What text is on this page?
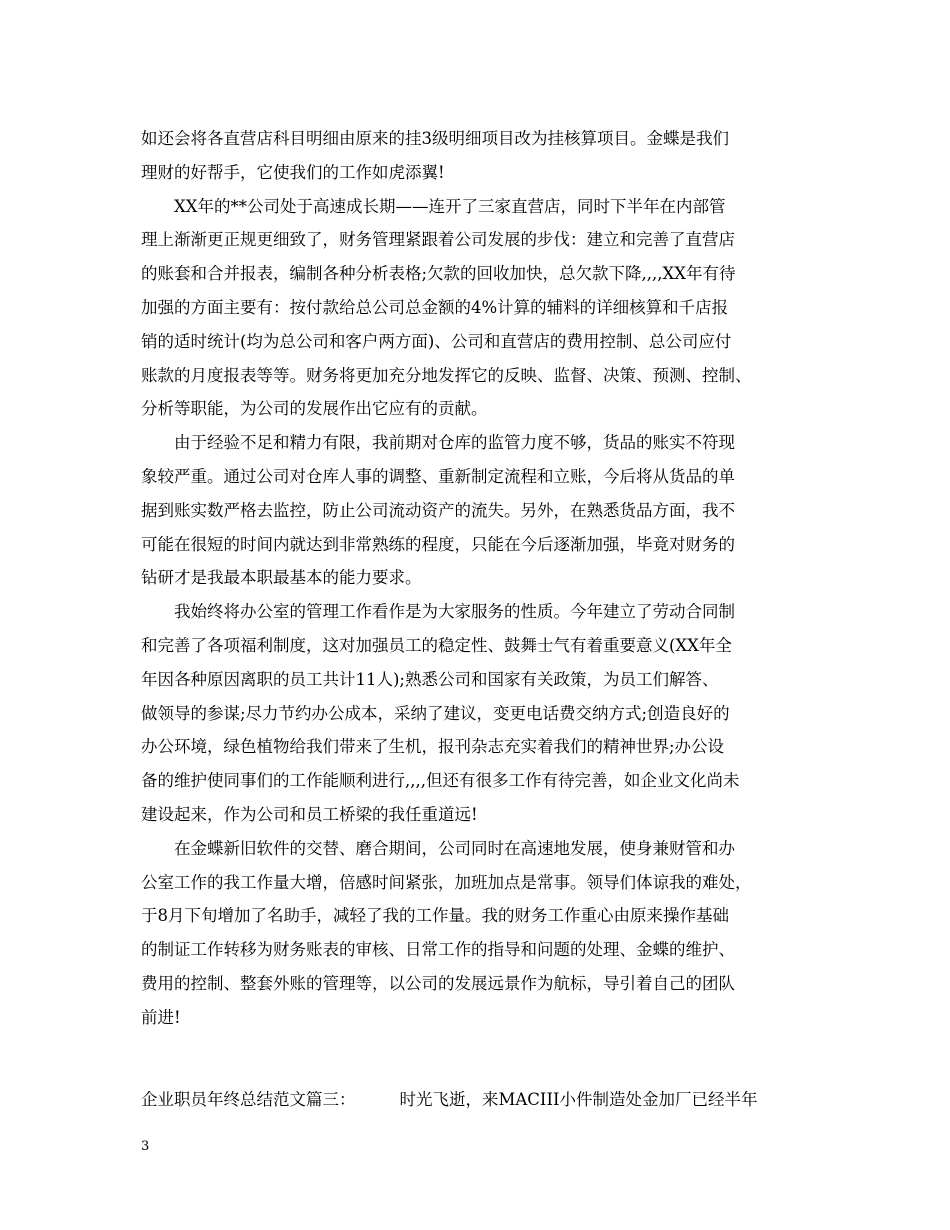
如还会将各直营店科目明细由原来的挂3级明细项目改为挂核算项目。金蝶是我们
理财的好帮手，它使我们的工作如虎添翼!
　　XX年的**公司处于高速成长期——连开了三家直营店，同时下半年在内部管
理上渐渐更正规更细致了，财务管理紧跟着公司发展的步伐：建立和完善了直营店
的账套和合并报表，编制各种分析表格;欠款的回收加快，总欠款下降,,,,XX年有待
加强的方面主要有：按付款给总公司总金额的4%计算的辅料的详细核算和千店报
销的适时统计(均为总公司和客户两方面)、公司和直营店的费用控制、总公司应付
账款的月度报表等等。财务将更加充分地发挥它的反映、监督、决策、预测、控制、
分析等职能，为公司的发展作出它应有的贡献。
　　由于经验不足和精力有限，我前期对仓库的监管力度不够，货品的账实不符现
象较严重。通过公司对仓库人事的调整、重新制定流程和立账，今后将从货品的单
据到账实数严格去监控，防止公司流动资产的流失。另外，在熟悉货品方面，我不
可能在很短的时间内就达到非常熟练的程度，只能在今后逐渐加强，毕竟对财务的
钻研才是我最本职最基本的能力要求。
　　我始终将办公室的管理工作看作是为大家服务的性质。今年建立了劳动合同制
和完善了各项福利制度，这对加强员工的稳定性、鼓舞士气有着重要意义(XX年全
年因各种原因离职的员工共计11人);熟悉公司和国家有关政策，为员工们解答、
做领导的参谋;尽力节约办公成本，采纳了建议，变更电话费交纳方式;创造良好的
办公环境，绿色植物给我们带来了生机，报刊杂志充实着我们的精神世界;办公设
备的维护使同事们的工作能顺利进行,,,,但还有很多工作有待完善，如企业文化尚未
建设起来，作为公司和员工桥梁的我任重道远!
　　在金蝶新旧软件的交替、磨合期间，公司同时在高速地发展，使身兼财管和办
公室工作的我工作量大增，倍感时间紧张，加班加点是常事。领导们体谅我的难处，
于8月下旬增加了名助手，减轻了我的工作量。我的财务工作重心由原来操作基础
的制证工作转移为财务账表的审核、日常工作的指导和问题的处理、金蝶的维护、
费用的控制、整套外账的管理等，以公司的发展远景作为航标，导引着自己的团队
前进!
企业职员年终总结范文篇三：	时光飞逝，来MACIII小件制造处金加厂已经半年
3
